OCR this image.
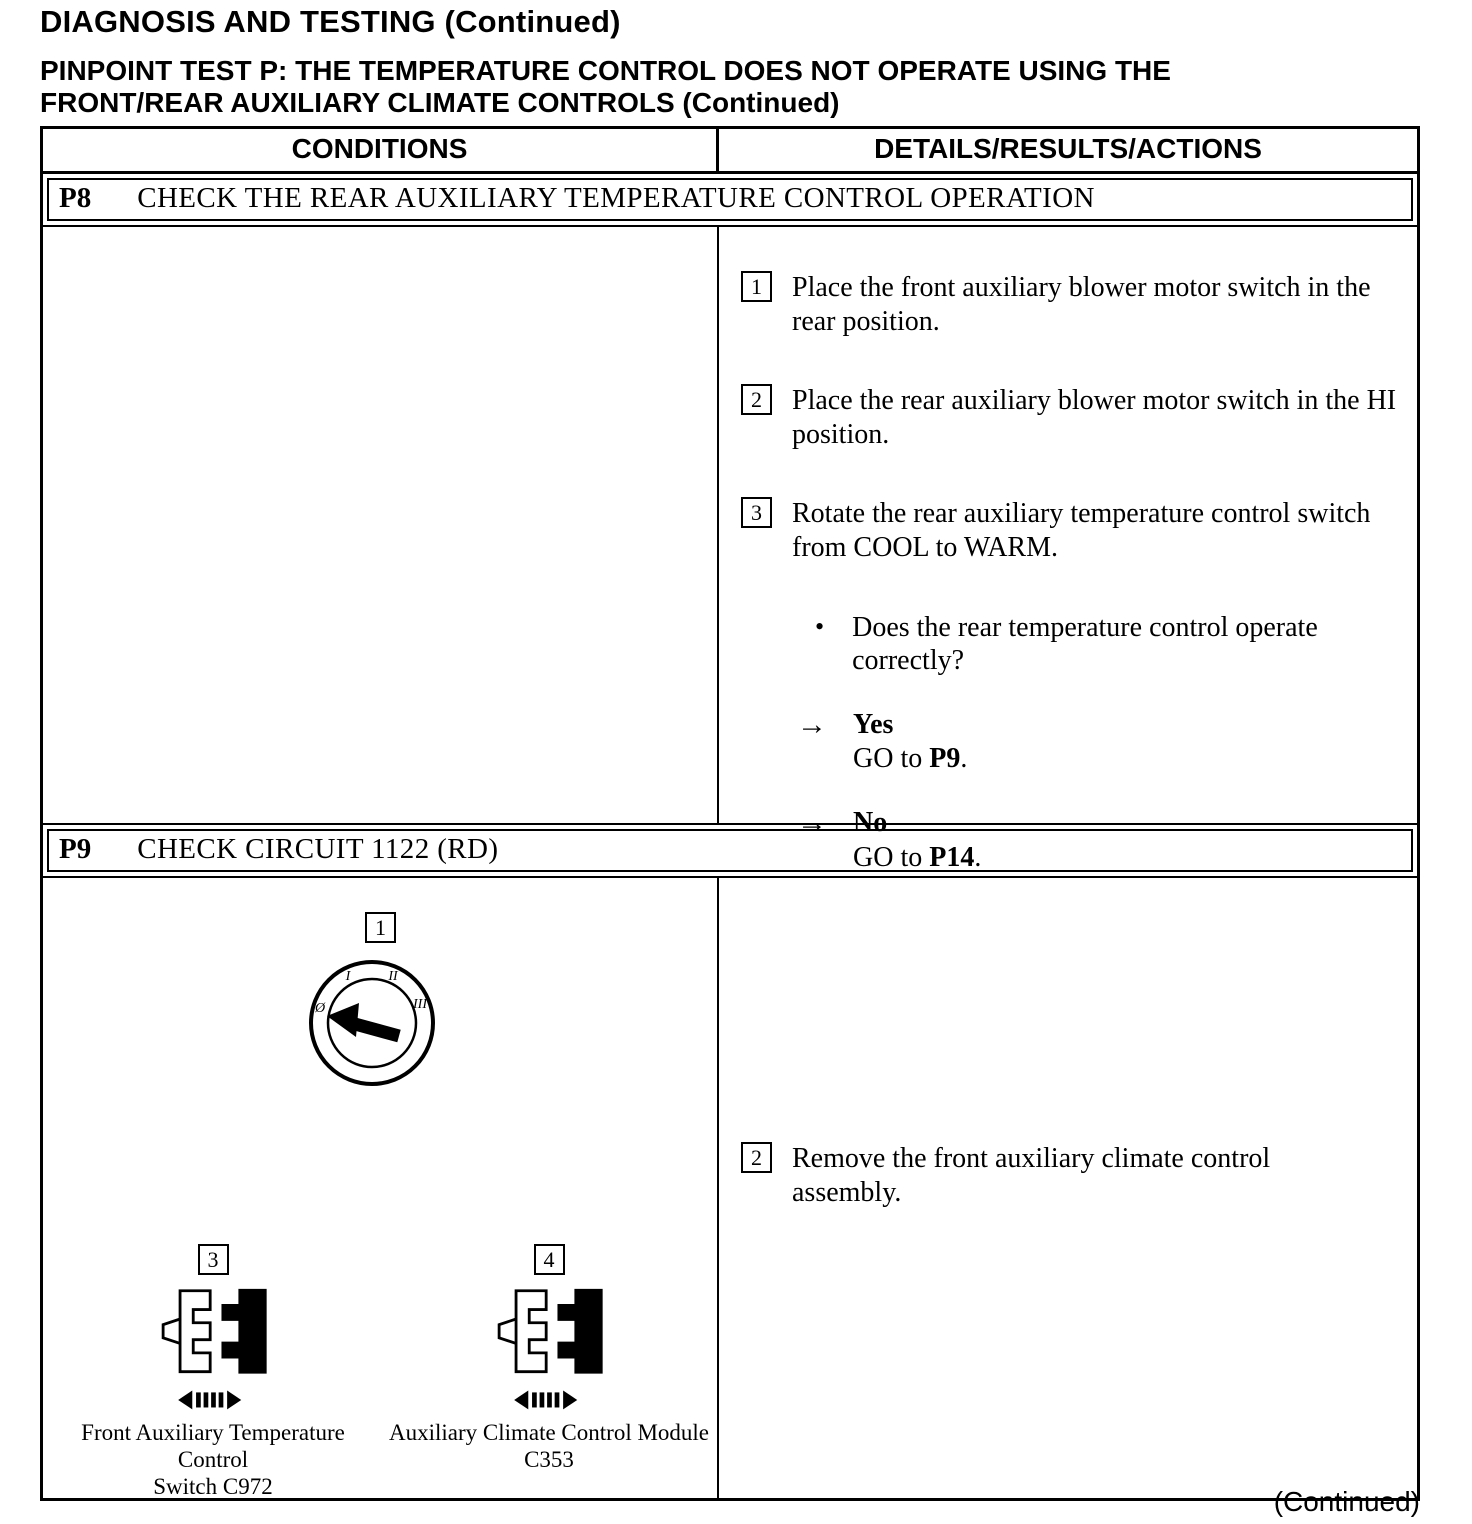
DIAGNOSIS AND TESTING (Continued)
PINPOINT TEST P: THE TEMPERATURE CONTROL DOES NOT OPERATE USING THE FRONT/REAR AUXILIARY CLIMATE CONTROLS (Continued)
CONDITIONS	DETAILS/RESULTS/ACTIONS
P8 CHECK THE REAR AUXILIARY TEMPERATURE CONTROL OPERATION
1	Place the front auxiliary blower motor switch in the rear position.
2	Place the rear auxiliary blower motor switch in the HI position.
3	Rotate the rear auxiliary temperature control switch from COOL to WARM.
• Does the rear temperature control operate correctly?
→ Yes
GO to P9.
→ No
GO to P14.
P9 CHECK CIRCUIT 1122 (RD)
1
Ø
I	II
III
3
Front Auxiliary Temperature Control
Switch C972
4
Auxiliary Climate Control Module
C353
2	Remove the front auxiliary climate control assembly.
(Continued)
